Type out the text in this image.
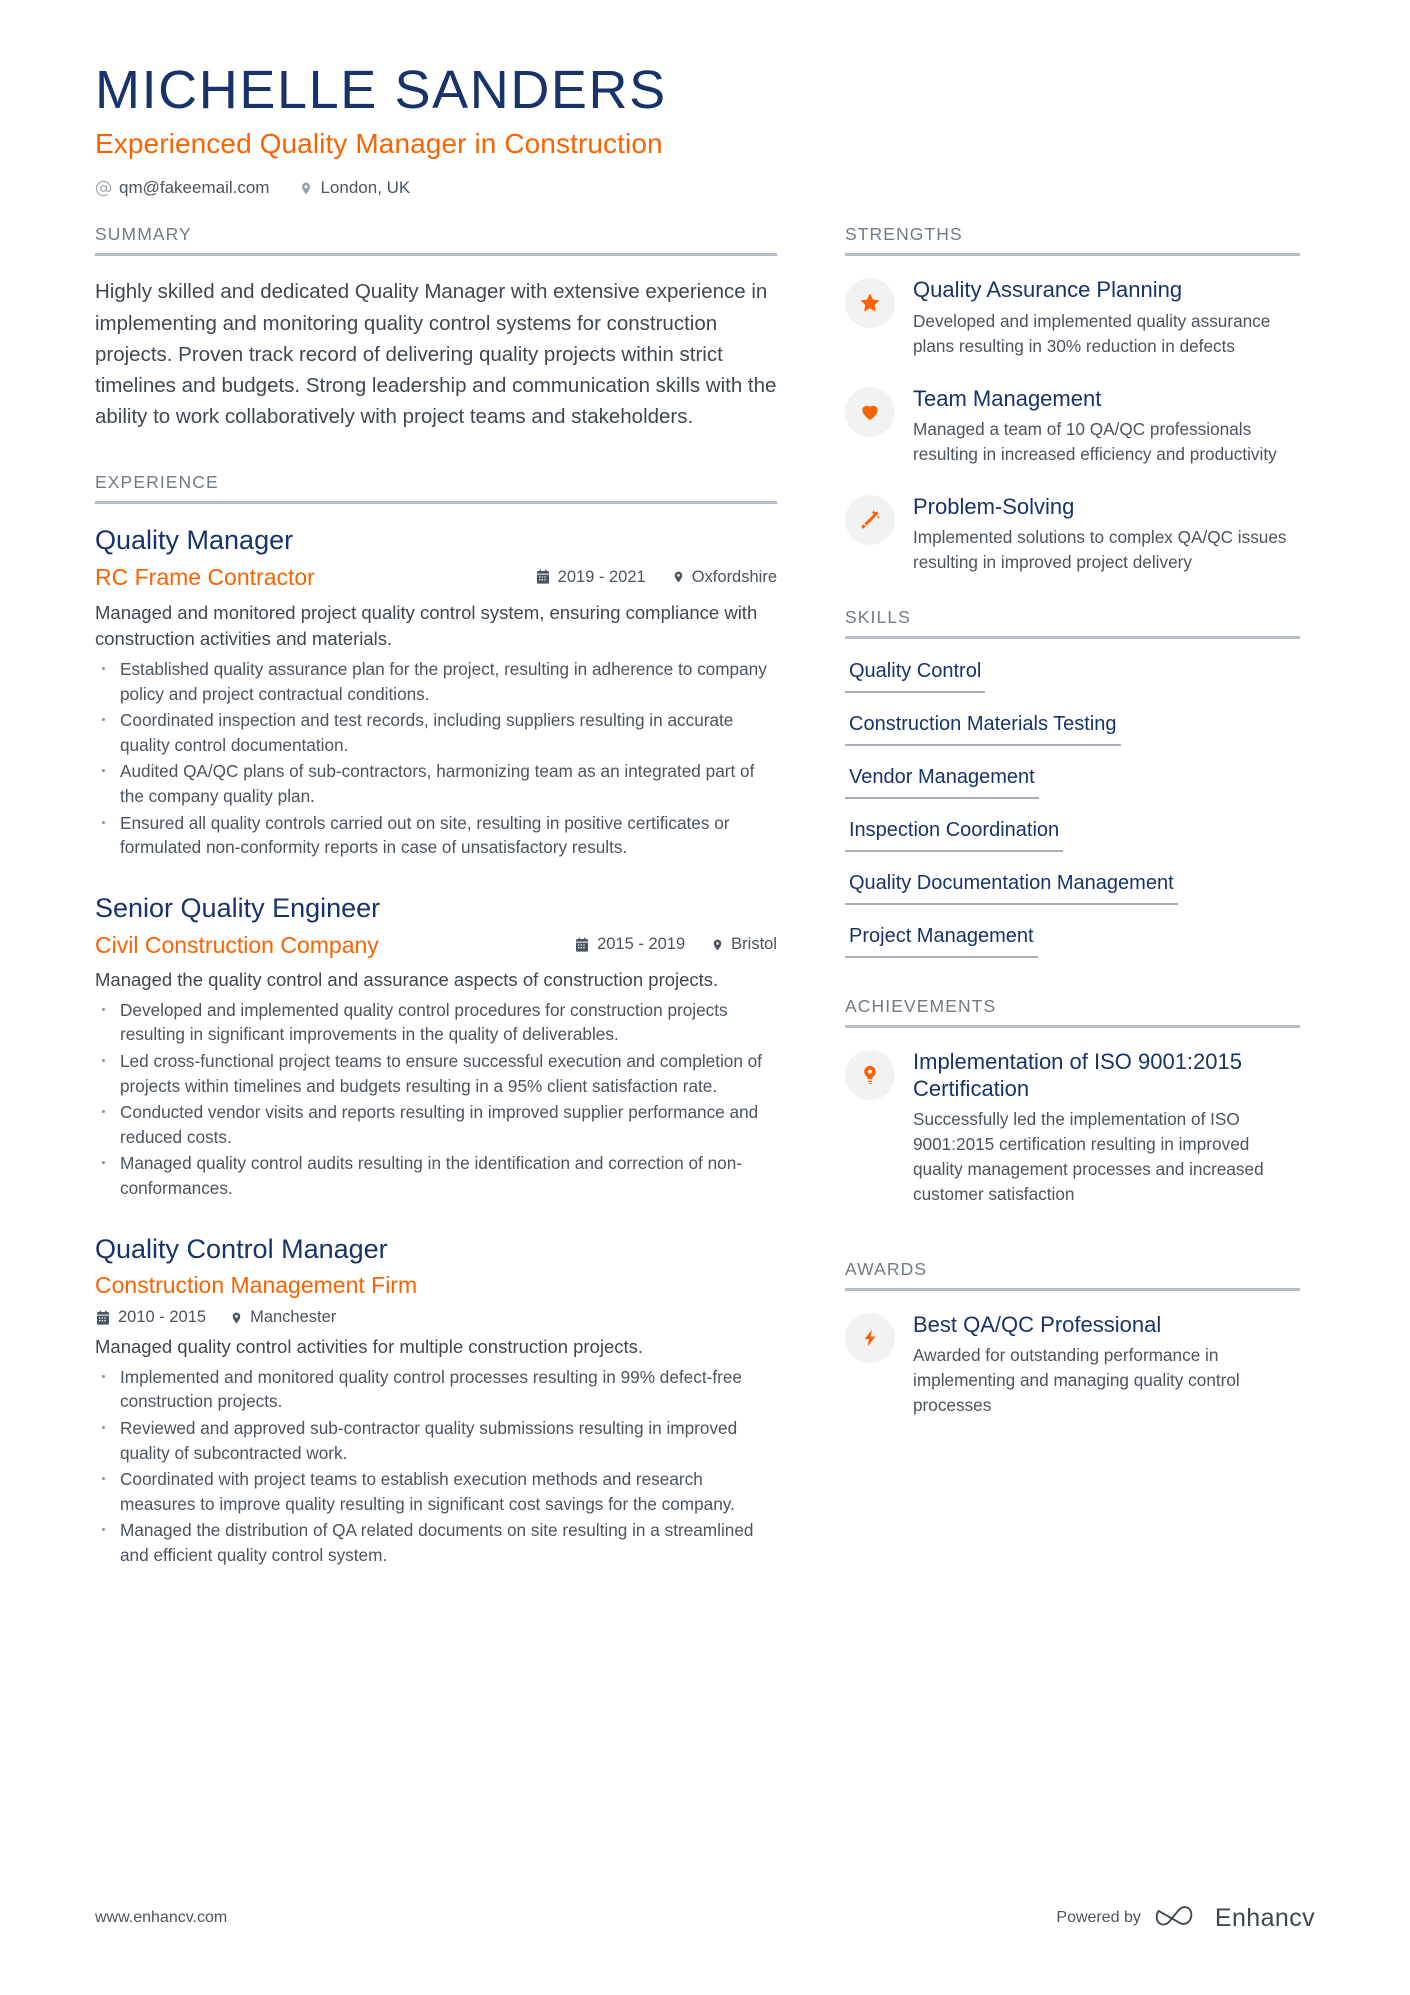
MICHELLE SANDERS
Experienced Quality Manager in Construction
qm@fakeemail.com	London, UK
SUMMARY
Highly skilled and dedicated Quality Manager with extensive experience in implementing and monitoring quality control systems for construction projects. Proven track record of delivering quality projects within strict timelines and budgets. Strong leadership and communication skills with the ability to work collaboratively with project teams and stakeholders.
EXPERIENCE
Quality Manager
RC Frame Contractor	2019 - 2021	Oxfordshire
Managed and monitored project quality control system, ensuring compliance with construction activities and materials.
Established quality assurance plan for the project, resulting in adherence to company policy and project contractual conditions.
Coordinated inspection and test records, including suppliers resulting in accurate quality control documentation.
Audited QA/QC plans of sub-contractors, harmonizing team as an integrated part of the company quality plan.
Ensured all quality controls carried out on site, resulting in positive certificates or formulated non-conformity reports in case of unsatisfactory results.
Senior Quality Engineer
Civil Construction Company	2015 - 2019	Bristol
Managed the quality control and assurance aspects of construction projects.
Developed and implemented quality control procedures for construction projects resulting in significant improvements in the quality of deliverables.
Led cross-functional project teams to ensure successful execution and completion of projects within timelines and budgets resulting in a 95% client satisfaction rate.
Conducted vendor visits and reports resulting in improved supplier performance and reduced costs.
Managed quality control audits resulting in the identification and correction of non-conformances.
Quality Control Manager
Construction Management Firm
2010 - 2015	Manchester
Managed quality control activities for multiple construction projects.
Implemented and monitored quality control processes resulting in 99% defect-free construction projects.
Reviewed and approved sub-contractor quality submissions resulting in improved quality of subcontracted work.
Coordinated with project teams to establish execution methods and research measures to improve quality resulting in significant cost savings for the company.
Managed the distribution of QA related documents on site resulting in a streamlined and efficient quality control system.
STRENGTHS
Quality Assurance Planning
Developed and implemented quality assurance plans resulting in 30% reduction in defects
Team Management
Managed a team of 10 QA/QC professionals resulting in increased efficiency and productivity
Problem-Solving
Implemented solutions to complex QA/QC issues resulting in improved project delivery
SKILLS
Quality Control
Construction Materials Testing
Vendor Management
Inspection Coordination
Quality Documentation Management
Project Management
ACHIEVEMENTS
Implementation of ISO 9001:2015 Certification
Successfully led the implementation of ISO 9001:2015 certification resulting in improved quality management processes and increased customer satisfaction
AWARDS
Best QA/QC Professional
Awarded for outstanding performance in implementing and managing quality control processes
www.enhancv.com	Powered by	Enhancv
